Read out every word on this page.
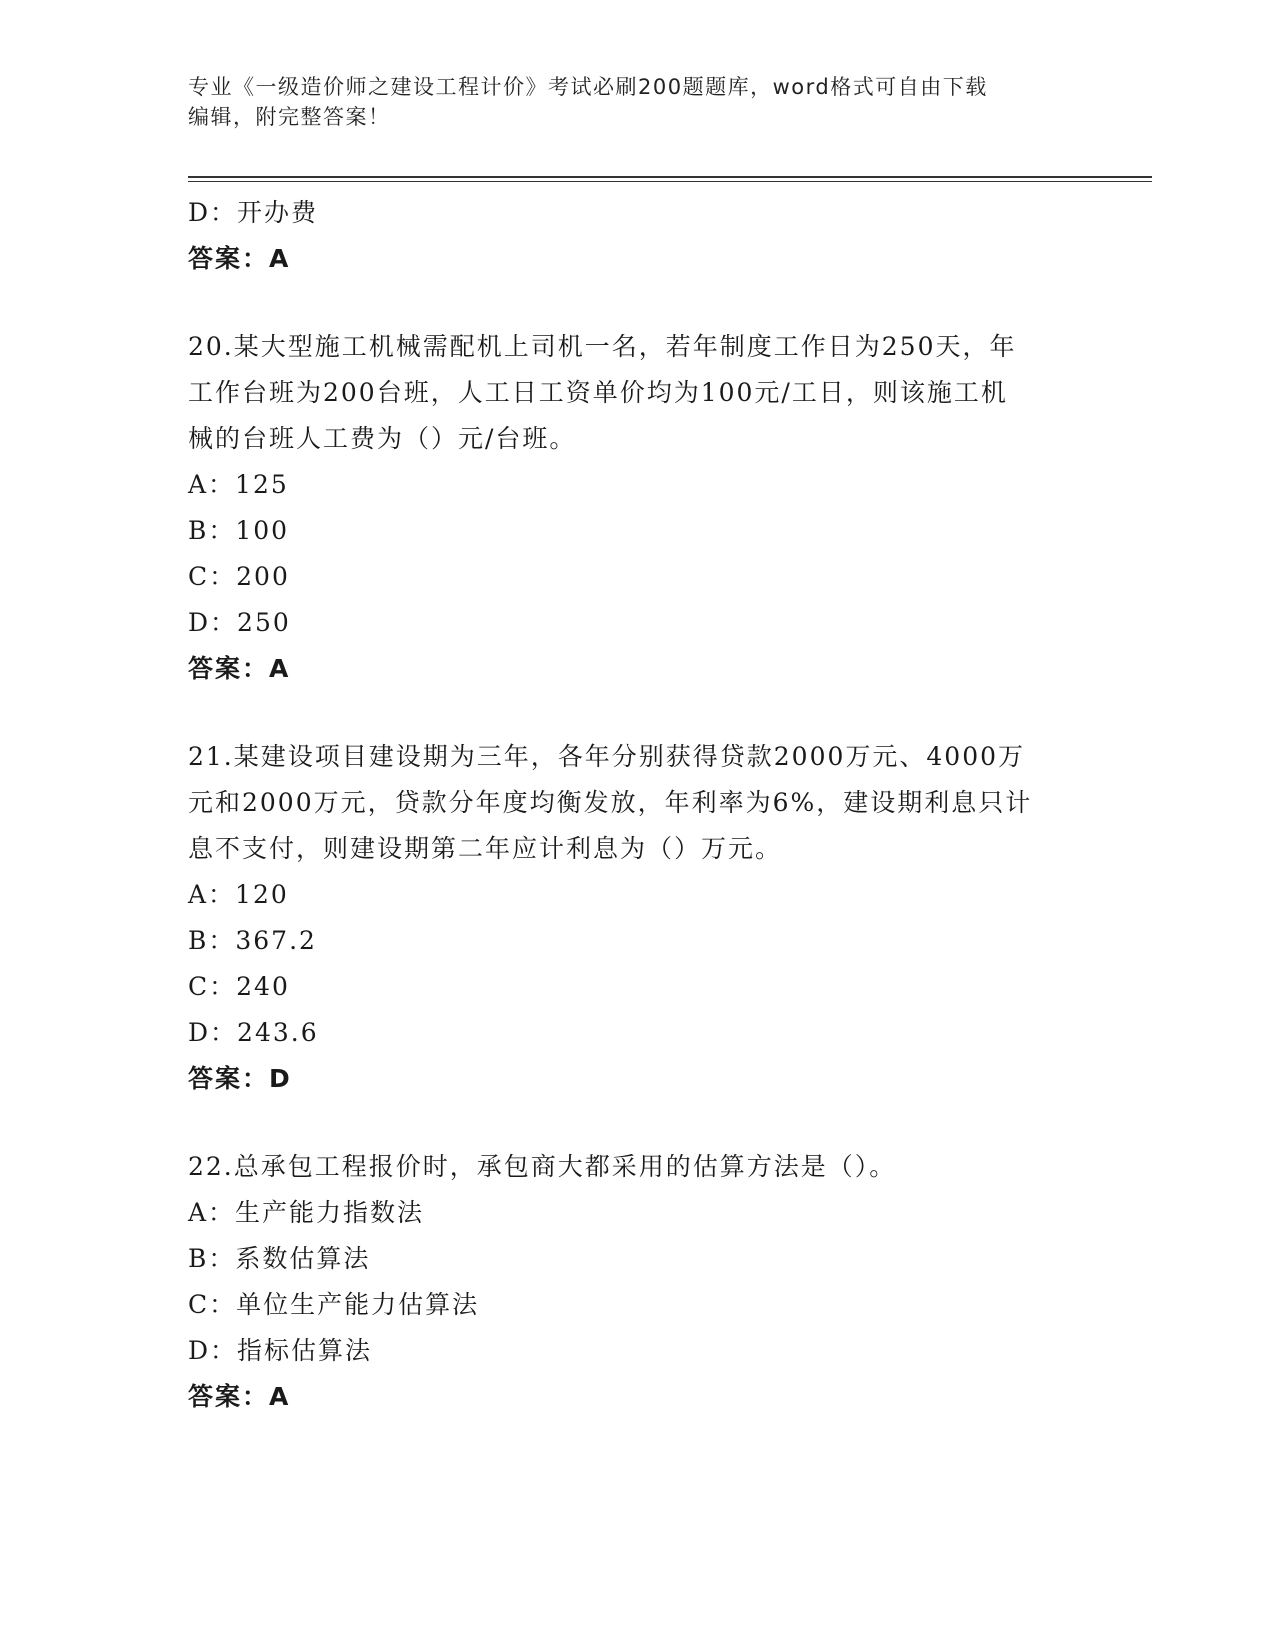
专业《一级造价师之建设工程计价》考试必刷200题题库，word格式可自由下载
编辑，附完整答案！
D：开办费
答案：A
20.某大型施工机械需配机上司机一名，若年制度工作日为250天，年
工作台班为200台班，人工日工资单价均为100元/工日，则该施工机
械的台班人工费为（）元/台班。
A：125
B：100
C：200
D：250
答案：A
21.某建设项目建设期为三年，各年分别获得贷款2000万元、4000万
元和2000万元，贷款分年度均衡发放，年利率为6%，建设期利息只计
息不支付，则建设期第二年应计利息为（）万元。
A：120
B：367.2
C：240
D：243.6
答案：D
22.总承包工程报价时，承包商大都采用的估算方法是（）。
A：生产能力指数法
B：系数估算法
C：单位生产能力估算法
D：指标估算法
答案：A
